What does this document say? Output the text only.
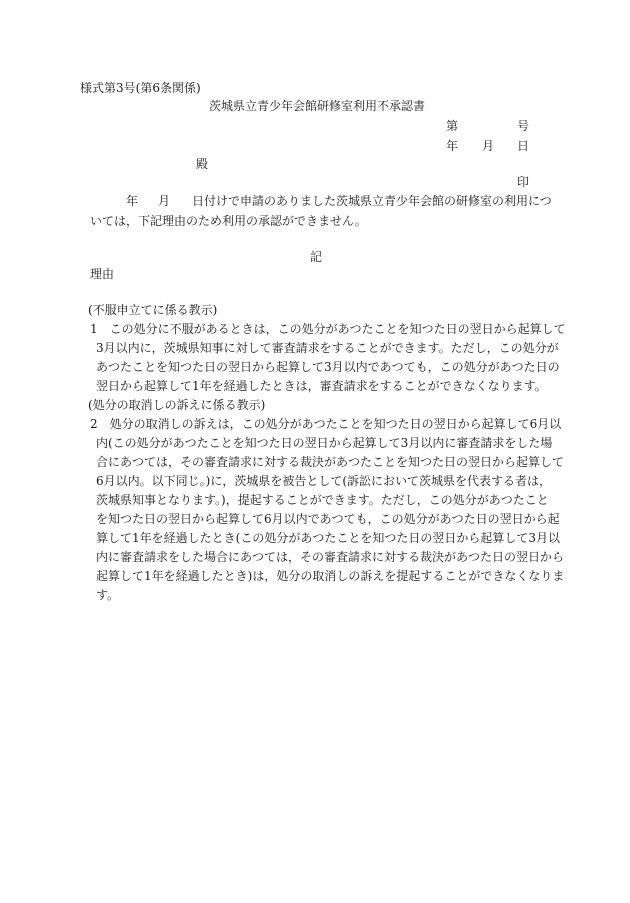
様式第3号(第6条関係)
茨城県立青少年会館研修室利用不承認書
第	号
年 月 日
殿
印
年 月 日付けで申請のありました茨城県立青少年会館の研修室の利用につ
いては，下記理由のため利用の承認ができません。
記
理由
(不服申立てに係る教示)
1　この処分に不服があるときは，この処分があつたことを知つた日の翌日から起算して
3月以内に，茨城県知事に対して審査請求をすることができます。ただし，この処分が
あつたことを知つた日の翌日から起算して3月以内であつても，この処分があつた日の
翌日から起算して1年を経過したときは，審査請求をすることができなくなります。
(処分の取消しの訴えに係る教示)
2　処分の取消しの訴えは，この処分があつたことを知つた日の翌日から起算して6月以
内(この処分があつたことを知つた日の翌日から起算して3月以内に審査請求をした場
合にあつては，その審査請求に対する裁決があつたことを知つた日の翌日から起算して
6月以内。以下同じ。)に，茨城県を被告として(訴訟において茨城県を代表する者は，
茨城県知事となります。)，提起することができます。ただし，この処分があつたこと
を知つた日の翌日から起算して6月以内であつても，この処分があつた日の翌日から起
算して1年を経過したとき(この処分があつたことを知つた日の翌日から起算して3月以
内に審査請求をした場合にあつては，その審査請求に対する裁決があつた日の翌日から
起算して1年を経過したとき)は，処分の取消しの訴えを提起することができなくなりま
す。
